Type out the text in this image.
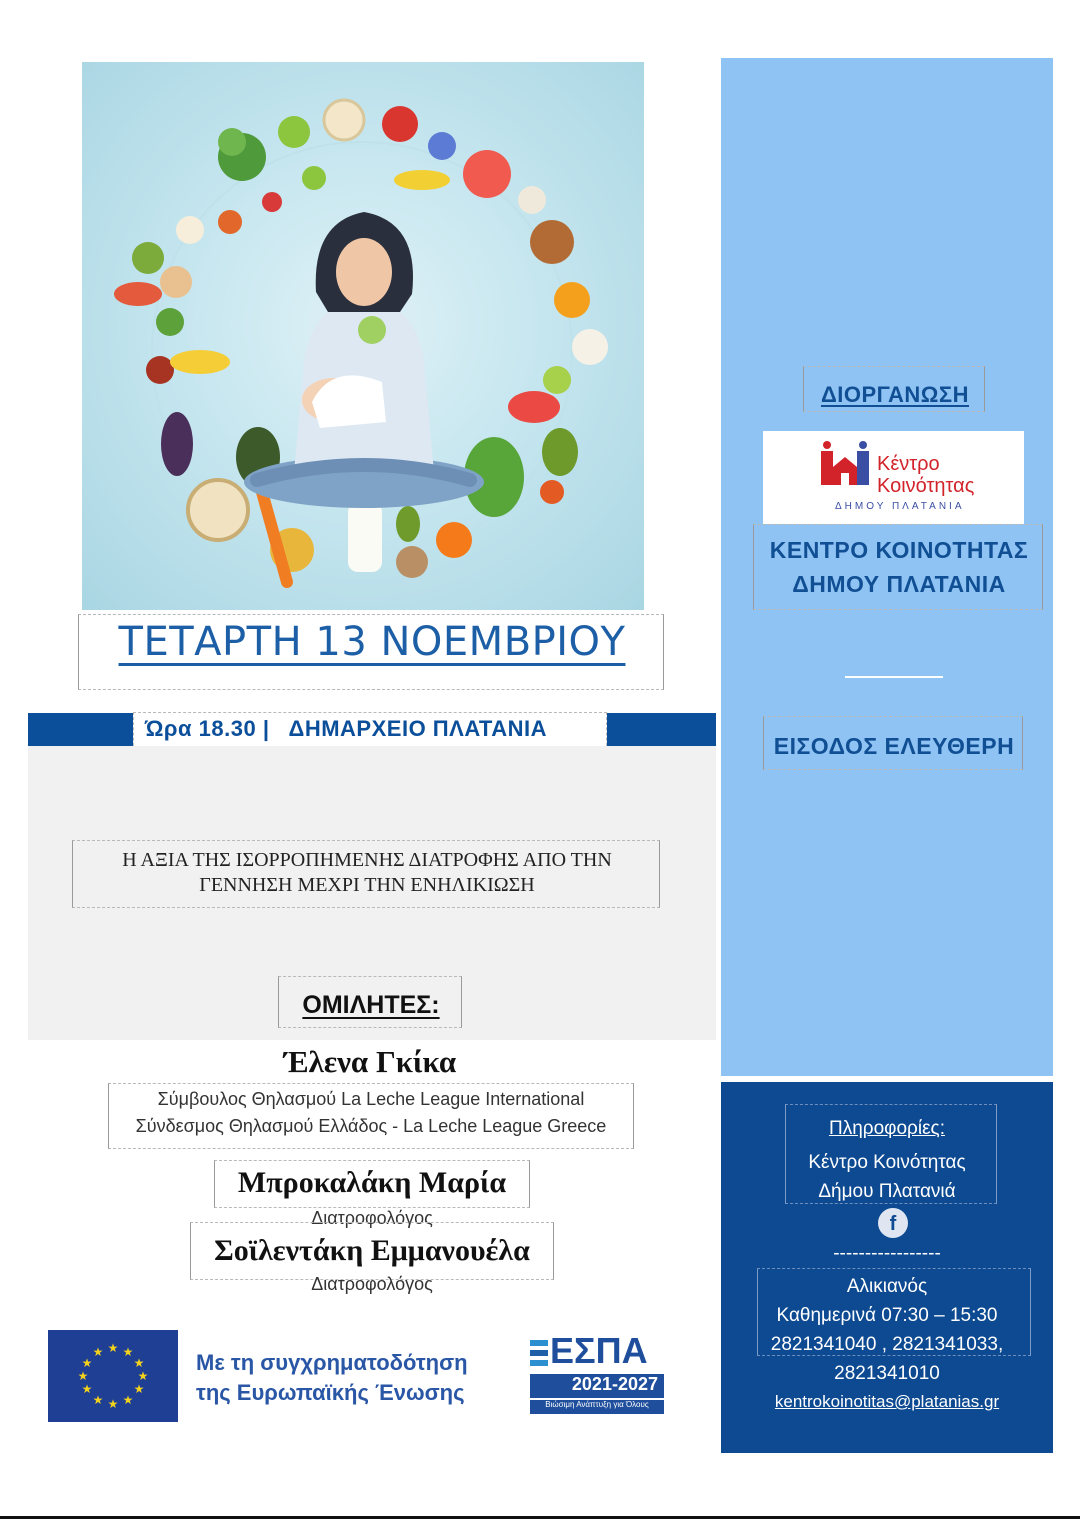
ΤΕΤΑΡΤΗ 13 ΝΟΕΜΒΡΙΟΥ
Ώρα 18.30 |   ΔΗΜΑΡΧΕΙΟ ΠΛΑΤΑΝΙΑ
Η ΑΞΙΑ ΤΗΣ ΙΣΟΡΡΟΠΗΜΕΝΗΣ ΔΙΑΤΡΟΦΗΣ ΑΠΟ ΤΗΝ
ΓΕΝΝΗΣΗ ΜΕΧΡΙ ΤΗΝ ΕΝΗΛΙΚΙΩΣΗ
ΟΜΙΛΗΤΕΣ:
Έλενα Γκίκα
Σύμβουλος Θηλασμού La Leche League International
Σύνδεσμος Θηλασμού Ελλάδος - La Leche League Greece
Μπροκαλάκη Μαρία
Διατροφολόγος
Σοϊλεντάκη Εμμανουέλα
Διατροφολόγος
ΔΙΟΡΓΑΝΩΣΗ
Κέντρο
Κοινότητας
ΔΗΜΟΥ ΠΛΑΤΑΝΙΑ
ΚΕΝΤΡΟ ΚΟΙΝΟΤΗΤΑΣ
ΔΗΜΟΥ ΠΛΑΤΑΝΙΑ
ΕΙΣΟΔΟΣ ΕΛΕΥΘΕΡΗ
Πληροφορίες:
Κέντρο Κοινότητας
Δήμου Πλατανιά
f
-----------------
Αλικιανός
Καθημερινά 07:30 – 15:30
2821341040 , 2821341033,
2821341010
kentrokoinotitas@platanias.gr
★ ★
★
★
★
★
★
★
★
★
★
★	Με τη συγχρηματοδότηση
της Ευρωπαϊκής Ένωσης
ΕΣΠΑ
2021-2027
Βιώσιμη Ανάπτυξη για Όλους
